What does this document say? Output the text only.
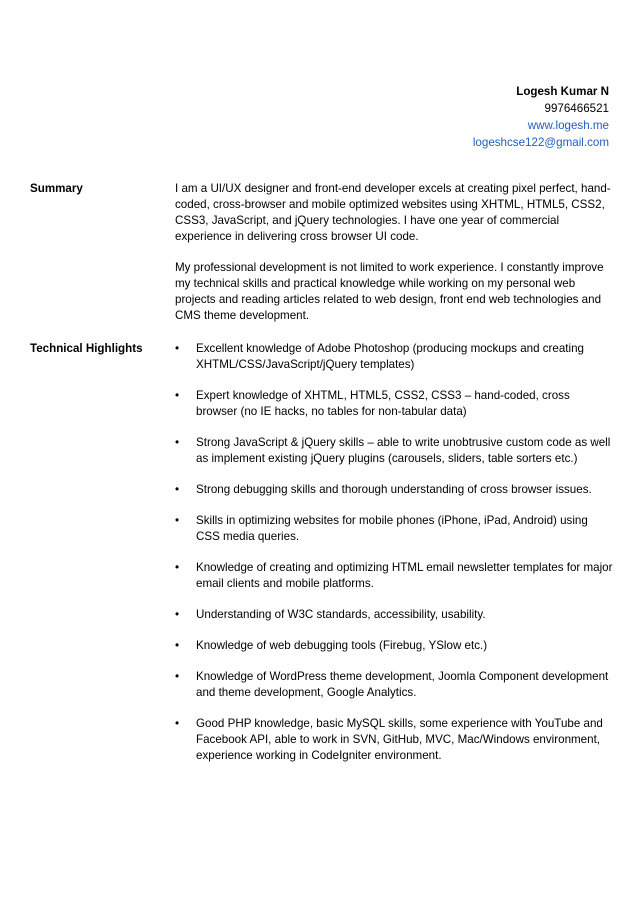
Logesh Kumar N
9976466521
www.logesh.me
logeshcse122@gmail.com
Summary	I am a UI/UX designer and front-end developer excels at creating pixel perfect, hand-coded, cross-browser and mobile optimized websites using XHTML, HTML5, CSS2, CSS3, JavaScript, and jQuery technologies. I have one year of commercial experience in delivering cross browser UI code.

My professional development is not limited to work experience. I constantly improve my technical skills and practical knowledge while working on my personal web projects and reading articles related to web design, front end web technologies and CMS theme development.

Technical Highlights	•	Excellent knowledge of Adobe Photoshop (producing mockups and creating XHTML/CSS/JavaScript/jQuery templates)
•	Expert knowledge of XHTML, HTML5, CSS2, CSS3 – hand-coded, cross browser (no IE hacks, no tables for non-tabular data)
•	Strong JavaScript & jQuery skills – able to write unobtrusive custom code as well as implement existing jQuery plugins (carousels, sliders, table sorters etc.)
•	Strong debugging skills and thorough understanding of cross browser issues.
•	Skills in optimizing websites for mobile phones (iPhone, iPad, Android) using CSS media queries.
•	Knowledge of creating and optimizing HTML email newsletter templates for major email clients and mobile platforms.
•	Understanding of W3C standards, accessibility, usability.
•	Knowledge of web debugging tools (Firebug, YSlow etc.)
•	Knowledge of WordPress theme development, Joomla Component development and theme development, Google Analytics.
•	Good PHP knowledge, basic MySQL skills, some experience with YouTube and Facebook API, able to work in SVN, GitHub, MVC, Mac/Windows environment, experience working in CodeIgniter environment.
